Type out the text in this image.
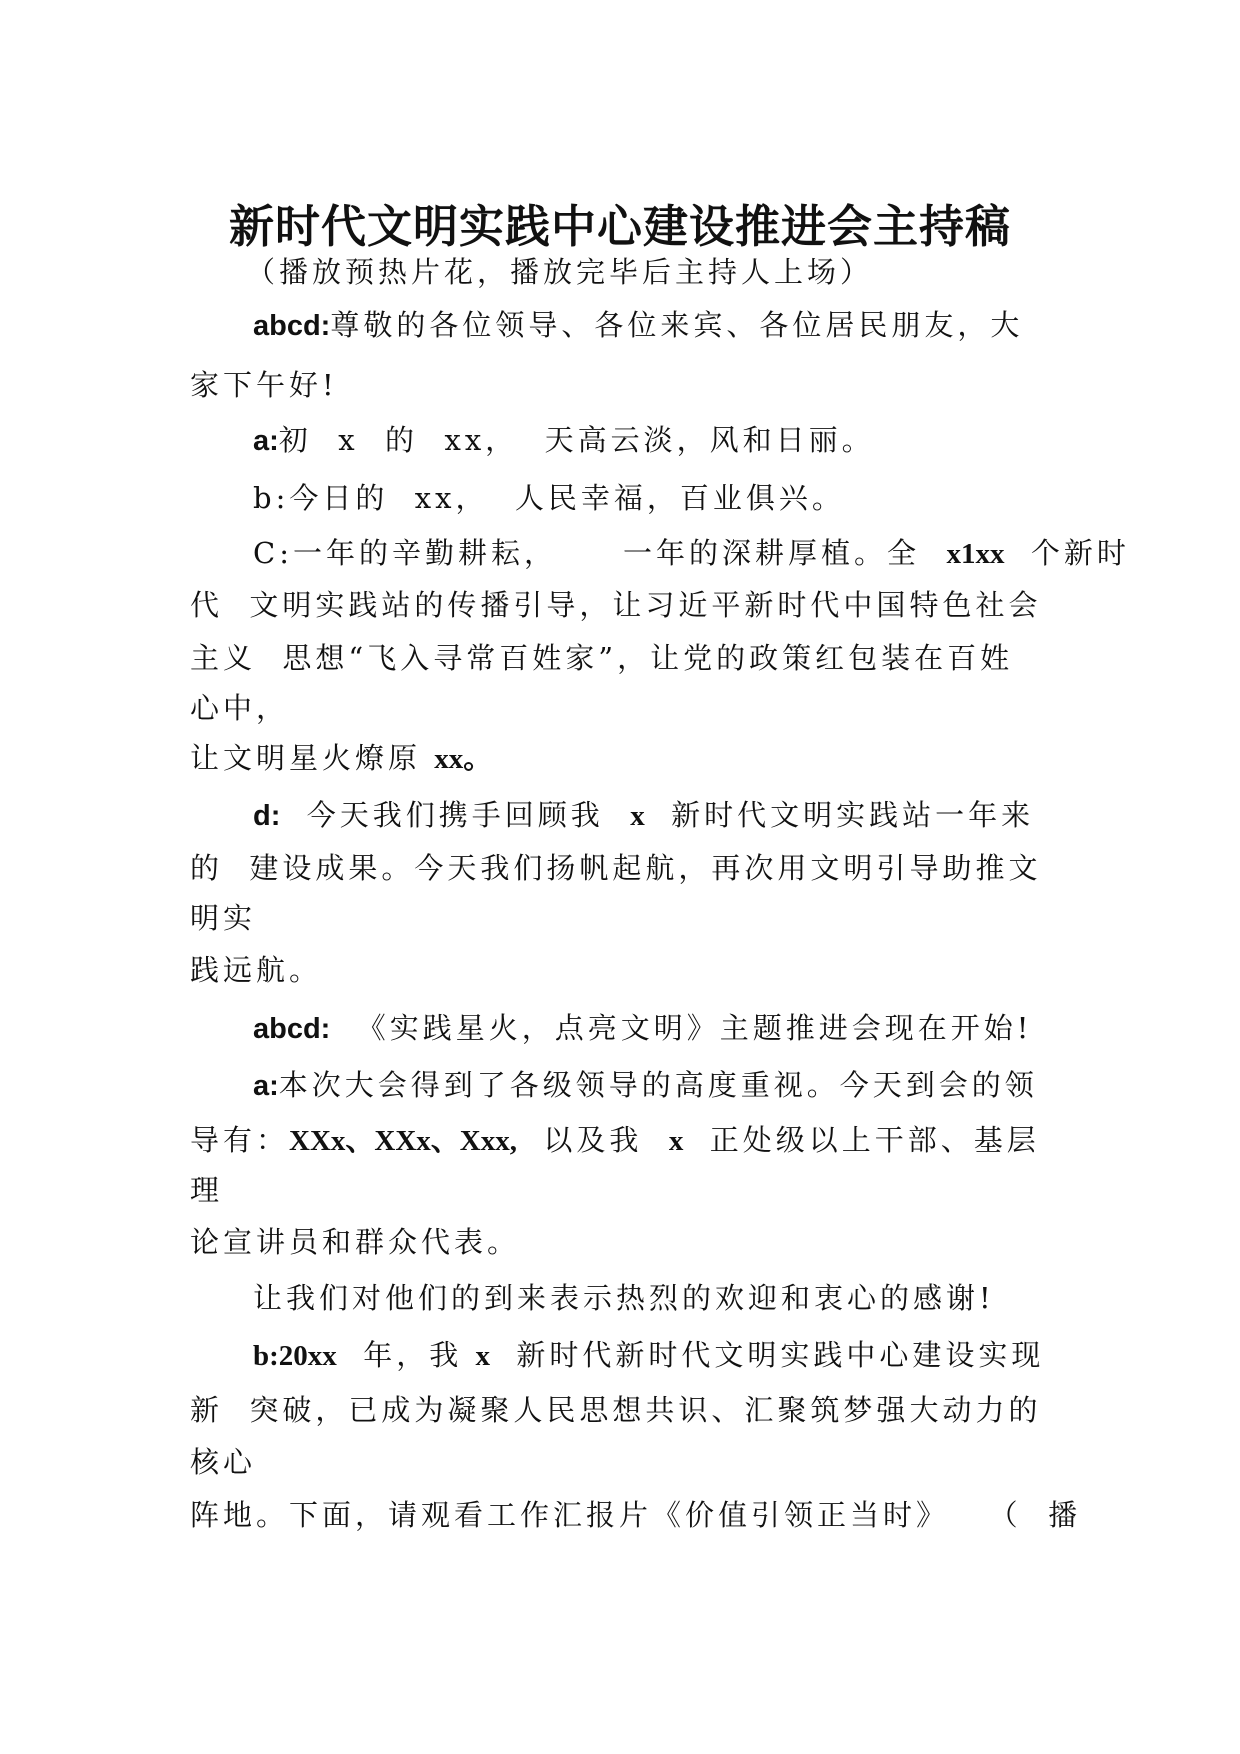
新时代文明实践中心建设推进会主持稿

（播放预热片花，播放完毕后主持人上场）

abcd:尊敬的各位领导、各位来宾、各位居民朋友，大

家下午好!

a:初  x  的  xx，  天高云淡，风和日丽。

b:今日的  xx，  人民幸福，百业俱兴。

C:一年的辛勤耕耘，     一年的深耕厚植。全  x1xx  个新时

代  文明实践站的传播引导，让习近平新时代中国特色社会

主义  思想“飞入寻常百姓家”，让党的政策红包装在百姓

心中，

让文明星火燎原 xx。

d:  今天我们携手回顾我  x  新时代文明实践站一年来

的  建设成果。今天我们扬帆起航，再次用文明引导助推文

明实

践远航。

abcd:  《实践星火，点亮文明》主题推进会现在开始!

a:本次大会得到了各级领导的高度重视。今天到会的领

导有：XXx、XXx、Xxx,  以及我  x  正处级以上干部、基层

理

论宣讲员和群众代表。

让我们对他们的到来表示热烈的欢迎和衷心的感谢!

b:20xx  年，我 x  新时代新时代文明实践中心建设实现

新  突破，已成为凝聚人民思想共识、汇聚筑梦强大动力的

核心

阵地。下面，请观看工作汇报片《价值引领正当时》   （  播
